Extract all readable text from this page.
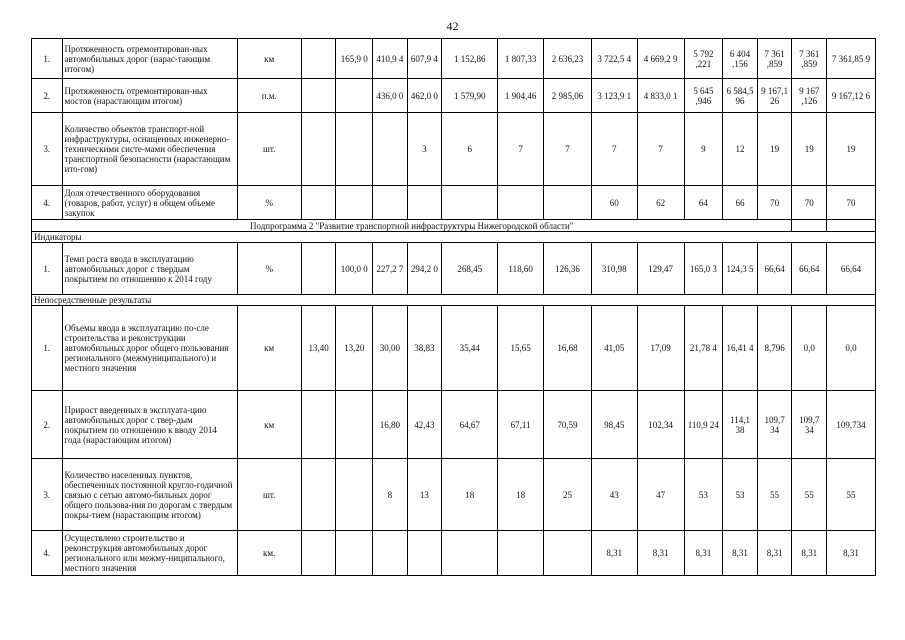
42
1.	Протяженность отремонтирован-ных автомобильных дорог (нарас-тающим итогом)	км		165,9 0	410,9 4	607,9 4	1 152,86	1 807,33	2 636,23	3 722,5 4	4 669,2 9	5 792 ,221	6 404 ,156	7 361 ,859	7 361 ,859	7 361,85 9
2.	Протяженность отремонтирован-ных мостов (нарастающим итогом)	п.м.			436,0 0	462,0 0	1 579,90	1 904,46	2 985,06	3 123,9 1	4 833,0 1	5 645 ,946	6 584,5 96	9 167,1 26	9 167 ,126	9 167,12 6
3.	Количество объектов транспорт-ной инфраструктуры, оснащенных инженерно-техническими систе-мами обеспечения транспортной безопасности (нарастающим ито-гом)	шт.				3	6	7	7	7	7	9	12	19	19	19
4.	Доля отечественного оборудования (товаров, работ, услуг) в общем объеме закупок	%								60	62	64	66	70	70	70
Подпрограмма 2 "Развитие транспортной инфраструктуры Нижегородской области"																
Индикаторы																
1.	Темп роста ввода в эксплуатацию автомобильных дорог с твердым покрытием по отношению к 2014 году	%		100,0 0	227,2 7	294,2 0	268,45	118,60	126,36	310,98	129,47	165,0 3	124,3 5	66,64	66,64	66,64
Непосредственные результаты																
1.	Объемы ввода в эксплуатацию по-сле строительства и реконструкции автомобильных дорог общего пользования регионального (межмуниципального) и местного значения	км	13,40	13,20	30,00	38,83	35,44	15,65	16,68	41,05	17,09	21,78 4	16,41 4	8,796	0,0	0,0
2.	Прирост введенных в эксплуата-цию автомобильных дорог с твер-дым покрытием по отношению к вводу 2014 года (нарастающим итогом)	км			16,80	42,43	64,67	67,11	70,59	98,45	102,34	110,9 24	114,1 38	109,7 34	109,7 34	109,734
3.	Количество населенных пунктов, обеспеченных постоянной кругло-годичной связью с сетью автомо-бильных дорог общего пользова-ния по дорогам с твердым покры-тием (нарастающим итогом)	шт.			8	13	18	18	25	43	47	53	53	55	55	55
4.	Осуществлено строительство и реконструкция автомобильных дорог регионального или межму-ниципального, местного значения	км.								8,31	8,31	8,31	8,31	8,31	8,31	8,31
